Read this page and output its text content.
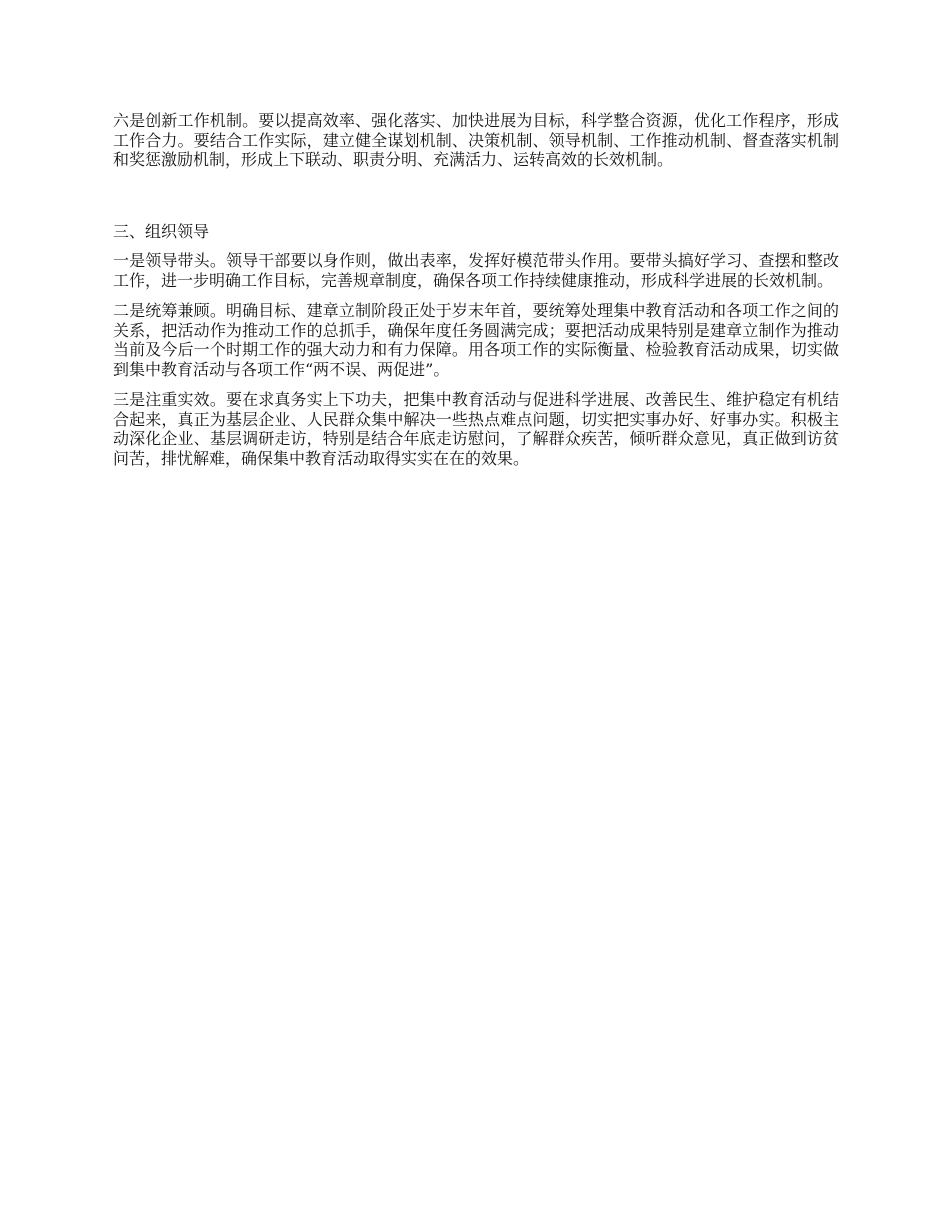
六是创新工作机制。要以提高效率、强化落实、加快进展为目标，科学整合资源，优化工作程序，形成工作合力。要结合工作实际，建立健全谋划机制、决策机制、领导机制、工作推动机制、督查落实机制和奖惩激励机制，形成上下联动、职责分明、充满活力、运转高效的长效机制。

三、组织领导

一是领导带头。领导干部要以身作则，做出表率，发挥好模范带头作用。要带头搞好学习、查摆和整改工作，进一步明确工作目标，完善规章制度，确保各项工作持续健康推动，形成科学进展的长效机制。

二是统筹兼顾。明确目标、建章立制阶段正处于岁末年首，要统筹处理集中教育活动和各项工作之间的关系，把活动作为推动工作的总抓手，确保年度任务圆满完成；要把活动成果特别是建章立制作为推动当前及今后一个时期工作的强大动力和有力保障。用各项工作的实际衡量、检验教育活动成果，切实做到集中教育活动与各项工作“两不误、两促进”。

三是注重实效。要在求真务实上下功夫，把集中教育活动与促进科学进展、改善民生、维护稳定有机结合起来，真正为基层企业、人民群众集中解决一些热点难点问题，切实把实事办好、好事办实。积极主动深化企业、基层调研走访，特别是结合年底走访慰问，了解群众疾苦，倾听群众意见，真正做到访贫问苦，排忧解难，确保集中教育活动取得实实在在的效果。
